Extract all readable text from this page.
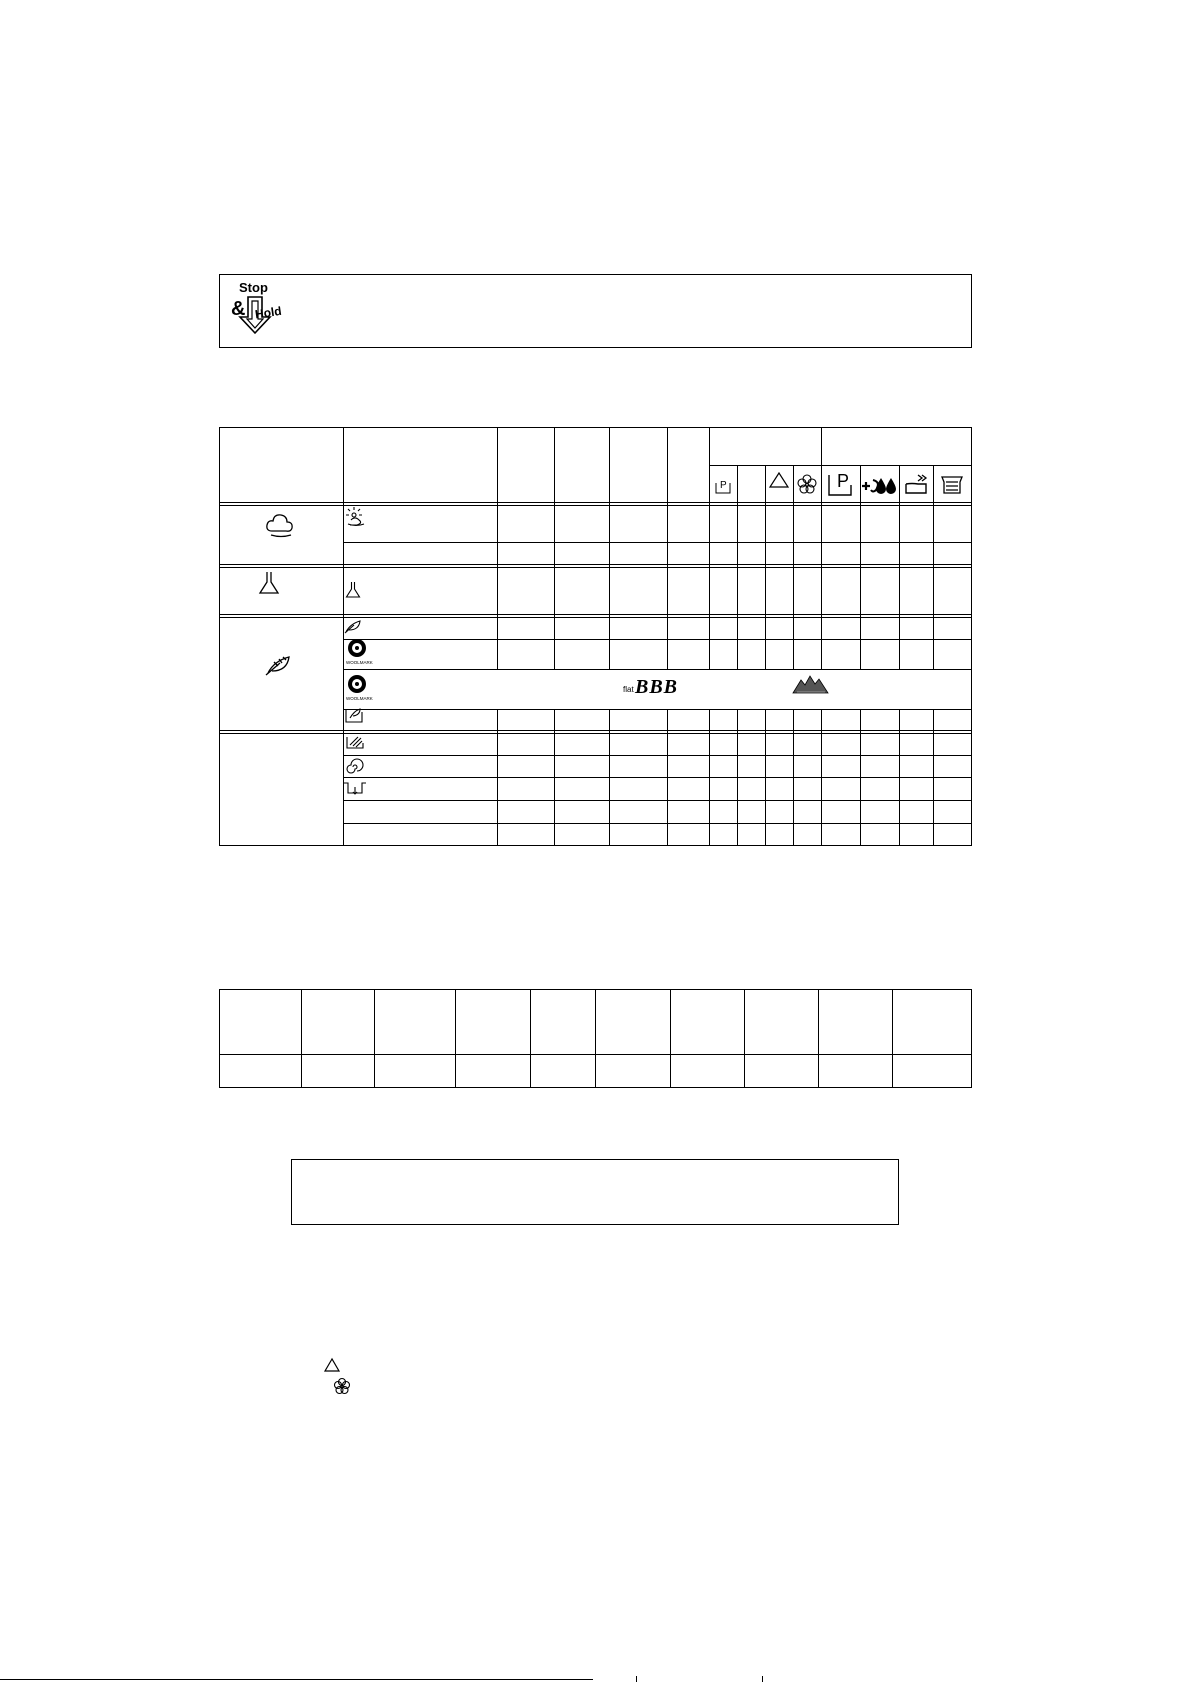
Stop
& Hold
P	P
WOOLMARK
WOOLMARK
flat BBB
